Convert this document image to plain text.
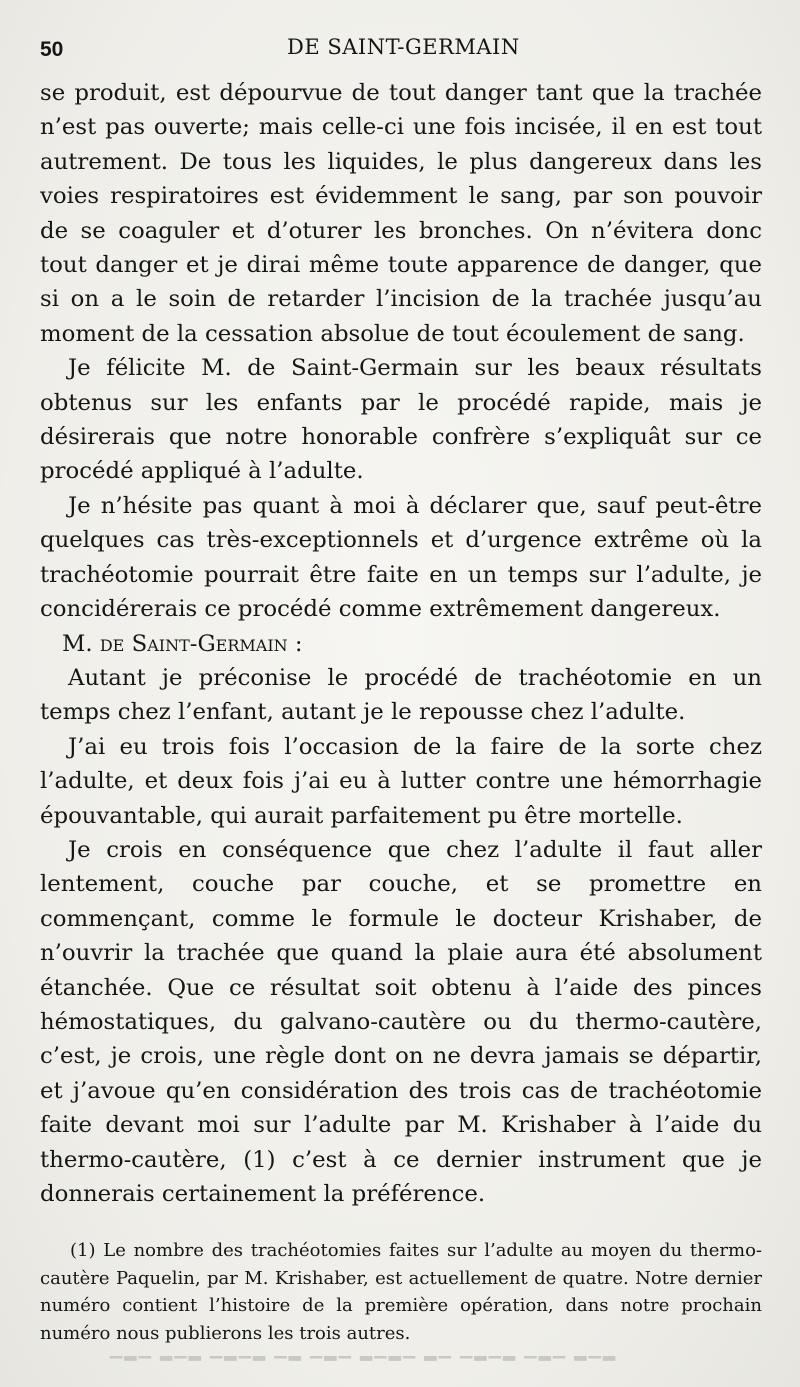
50	DE SAINT-GERMAIN

se produit, est dépourvue de tout danger tant que la trachée n’est pas ouverte; mais celle-ci une fois incisée, il en est tout autrement. De tous les liquides, le plus dangereux dans les voies respiratoires est évidemment le sang, par son pouvoir de se coaguler et d’oturer les bronches. On n’évitera donc tout danger et je dirai même toute apparence de danger, que si on a le soin de retarder l’incision de la trachée jusqu’au moment de la cessation absolue de tout écoulement de sang.

Je félicite M. de Saint-Germain sur les beaux résultats obtenus sur les enfants par le procédé rapide, mais je désirerais que notre honorable confrère s’expliquât sur ce procédé appliqué à l’adulte.

Je n’hésite pas quant à moi à déclarer que, sauf peut-être quelques cas très-exceptionnels et d’urgence extrême où la trachéotomie pourrait être faite en un temps sur l’adulte, je concidérerais ce procédé comme extrêmement dangereux.

M. de Saint-Germain :

Autant je préconise le procédé de trachéotomie en un temps chez l’enfant, autant je le repousse chez l’adulte.

J’ai eu trois fois l’occasion de la faire de la sorte chez l’adulte, et deux fois j’ai eu à lutter contre une hémorrhagie épouvantable, qui aurait parfaitement pu être mortelle.

Je crois en conséquence que chez l’adulte il faut aller lentement, couche par couche, et se promettre en commençant, comme le formule le docteur Krishaber, de n’ouvrir la trachée que quand la plaie aura été absolument étanchée. Que ce résultat soit obtenu à l’aide des pinces hémostatiques, du galvano-cautère ou du thermo-cautère, c’est, je crois, une règle dont on ne devra jamais se départir, et j’avoue qu’en considération des trois cas de trachéotomie faite devant moi sur l’adulte par M. Krishaber à l’aide du thermo-cautère, (1) c’est à ce dernier instrument que je donnerais certainement la préférence.

(1) Le nombre des trachéotomies faites sur l’adulte au moyen du thermo-cautère Paquelin, par M. Krishaber, est actuellement de quatre. Notre dernier numéro contient l’histoire de la première opération, dans notre prochain numéro nous publierons les trois autres.

▁▂▁ ▂▁▂ ▁▂▁▂ ▁▂ ▁▂▁ ▂▁▂▁ ▂▁ ▁▂▁▂ ▁▂▁ ▂▁▂
